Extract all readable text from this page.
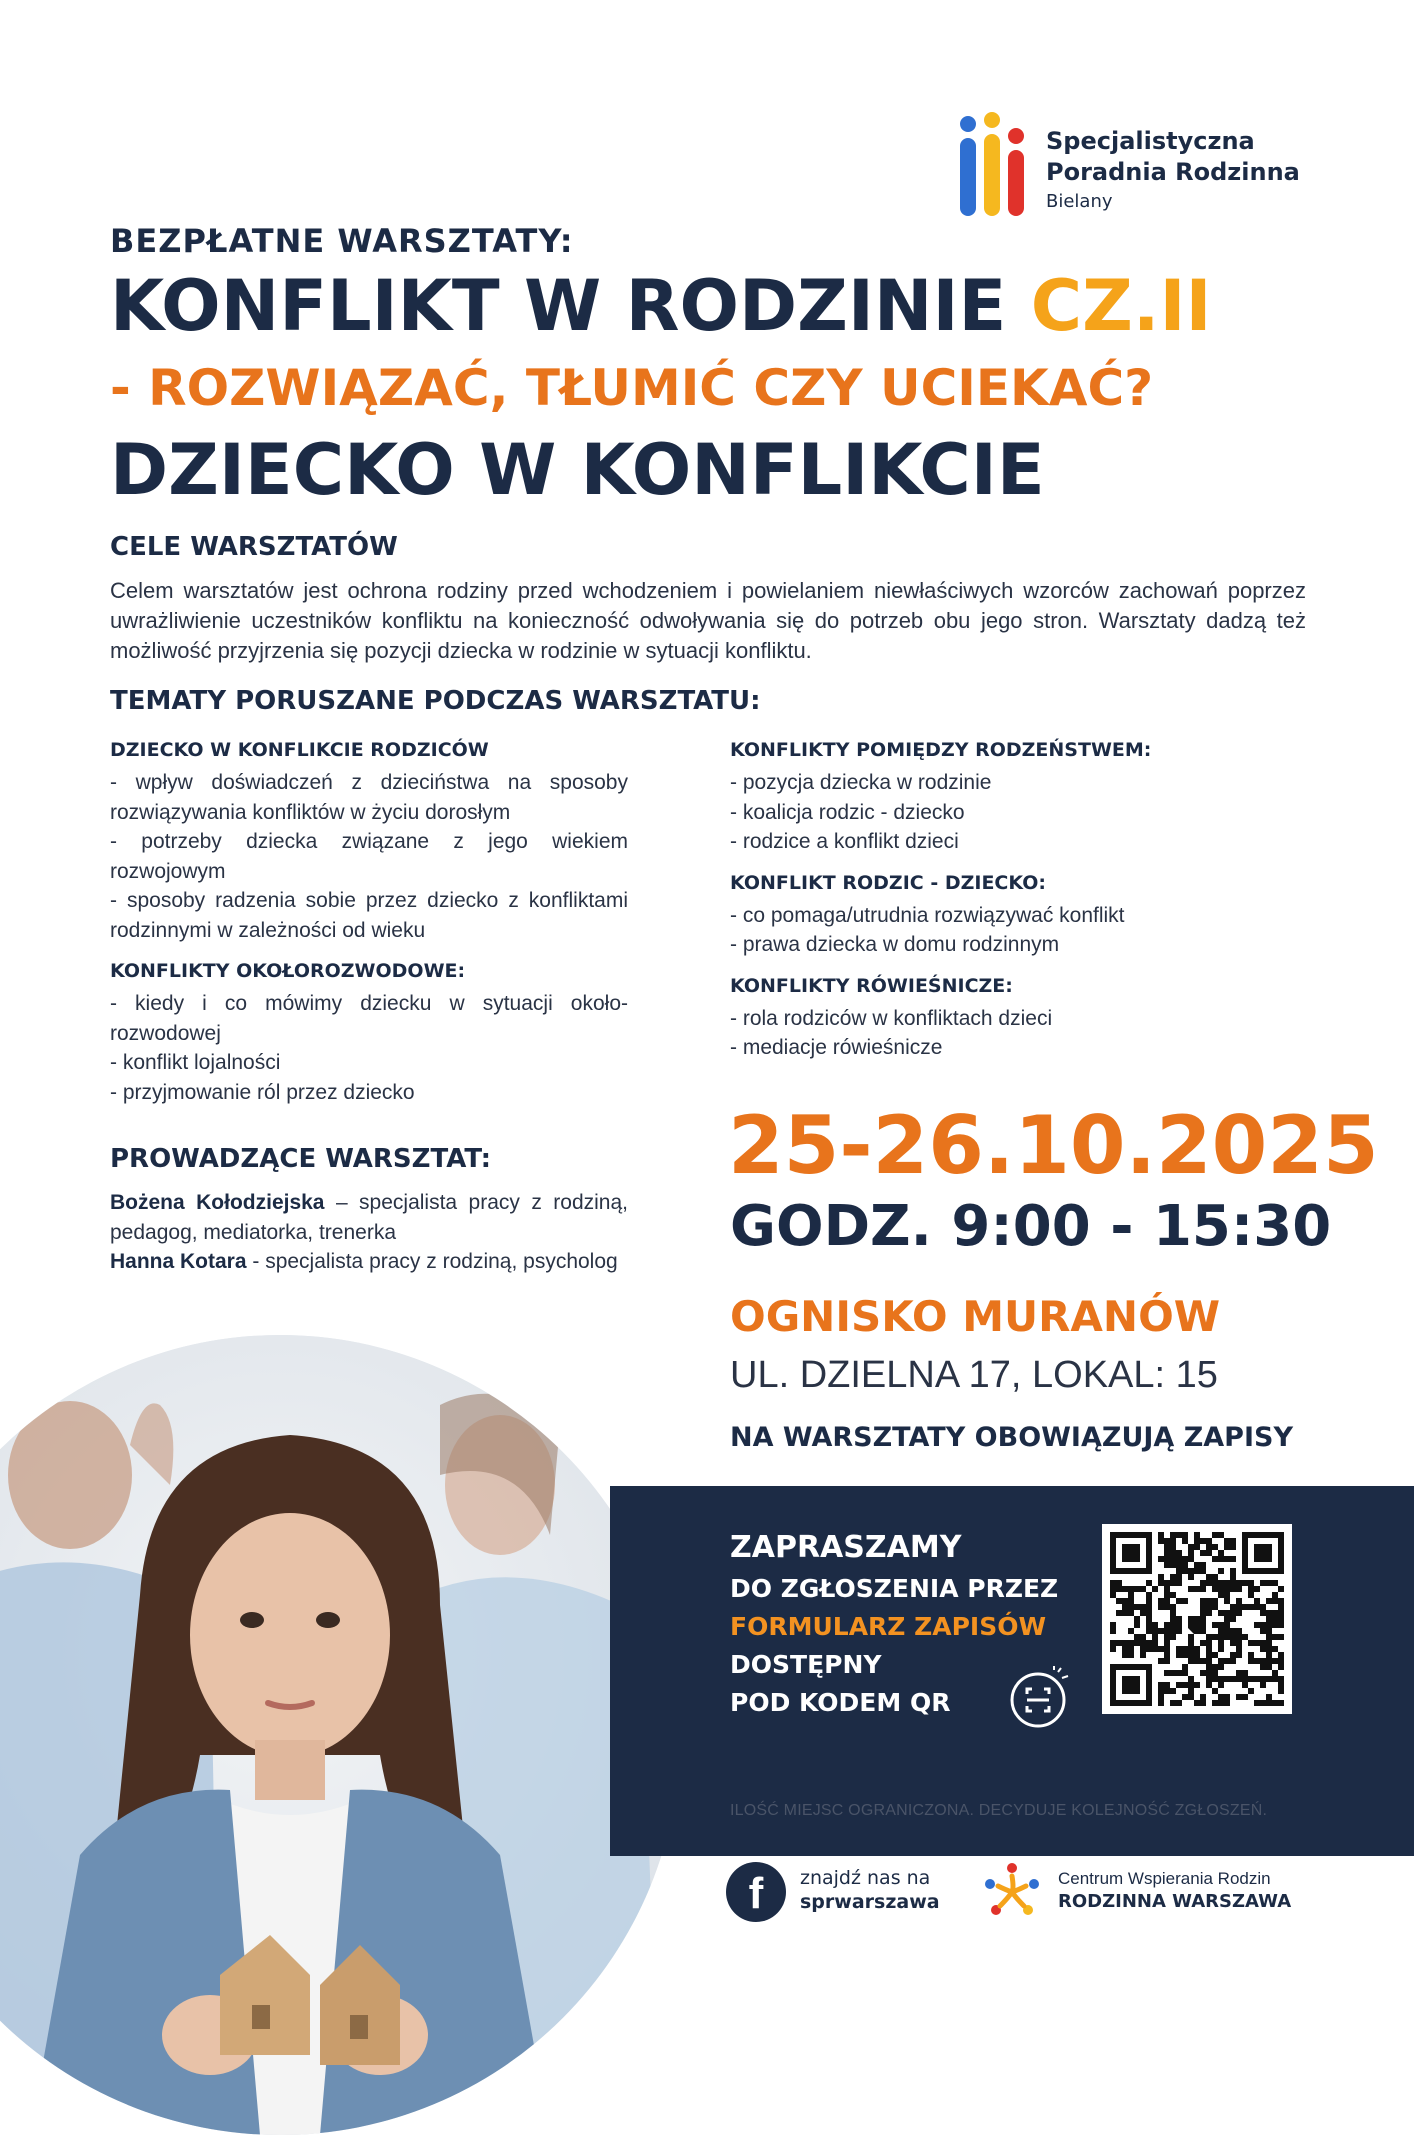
Specjalistyczna
Poradnia Rodzinna
Bielany
BEZPŁATNE WARSZTATY:
KONFLIKT W RODZINIE CZ.II
- ROZWIĄZAĆ, TŁUMIĆ CZY UCIEKAĆ?
DZIECKO W KONFLIKCIE
CELE WARSZTATÓW
Celem warsztatów jest ochrona rodziny przed wchodzeniem i powielaniem niewłaściwych wzorców zachowań poprzez uwrażliwienie uczestników konfliktu na konieczność odwoływania się do potrzeb obu jego stron. Warsztaty dadzą też możliwość przyjrzenia się pozycji dziecka w rodzinie w sytuacji konfliktu.
TEMATY PORUSZANE PODCZAS WARSZTATU:
DZIECKO W KONFLIKCIE RODZICÓW
- wpływ doświadczeń z dzieciństwa na sposoby rozwiązywania konfliktów w życiu dorosłym
- potrzeby dziecka związane z jego wiekiem rozwojowym
- sposoby radzenia sobie przez dziecko z konfliktami rodzinnymi w zależności od wieku
KONFLIKTY OKOŁOROZWODOWE:
- kiedy i co mówimy dziecku w sytuacji około-rozwodowej
- konflikt lojalności
- przyjmowanie ról przez dziecko
KONFLIKTY POMIĘDZY RODZEŃSTWEM:
- pozycja dziecka w rodzinie
- koalicja rodzic - dziecko
- rodzice a konflikt dzieci
KONFLIKT RODZIC - DZIECKO:
- co pomaga/utrudnia rozwiązywać konflikt
- prawa dziecka w domu rodzinnym
KONFLIKTY RÓWIEŚNICZE:
- rola rodziców w konfliktach dzieci
- mediacje rówieśnicze
PROWADZĄCE WARSZTAT:
Bożena Kołodziejska – specjalista pracy z rodziną, pedagog, mediatorka, trenerka
Hanna Kotara - specjalista pracy z rodziną, psycholog
25-26.10.2025
GODZ. 9:00 - 15:30
OGNISKO MURANÓW
UL. DZIELNA 17, LOKAL: 15
NA WARSZTATY OBOWIĄZUJĄ ZAPISY
ZAPRASZAMY
DO ZGŁOSZENIA PRZEZ
FORMULARZ ZAPISÓW
DOSTĘPNY
POD KODEM QR
ILOŚĆ MIEJSC OGRANICZONA. DECYDUJE KOLEJNOŚĆ ZGŁOSZEŃ.
f	znajdź nas na
sprwarszawa
Centrum Wspierania Rodzin
RODZINNA WARSZAWA
